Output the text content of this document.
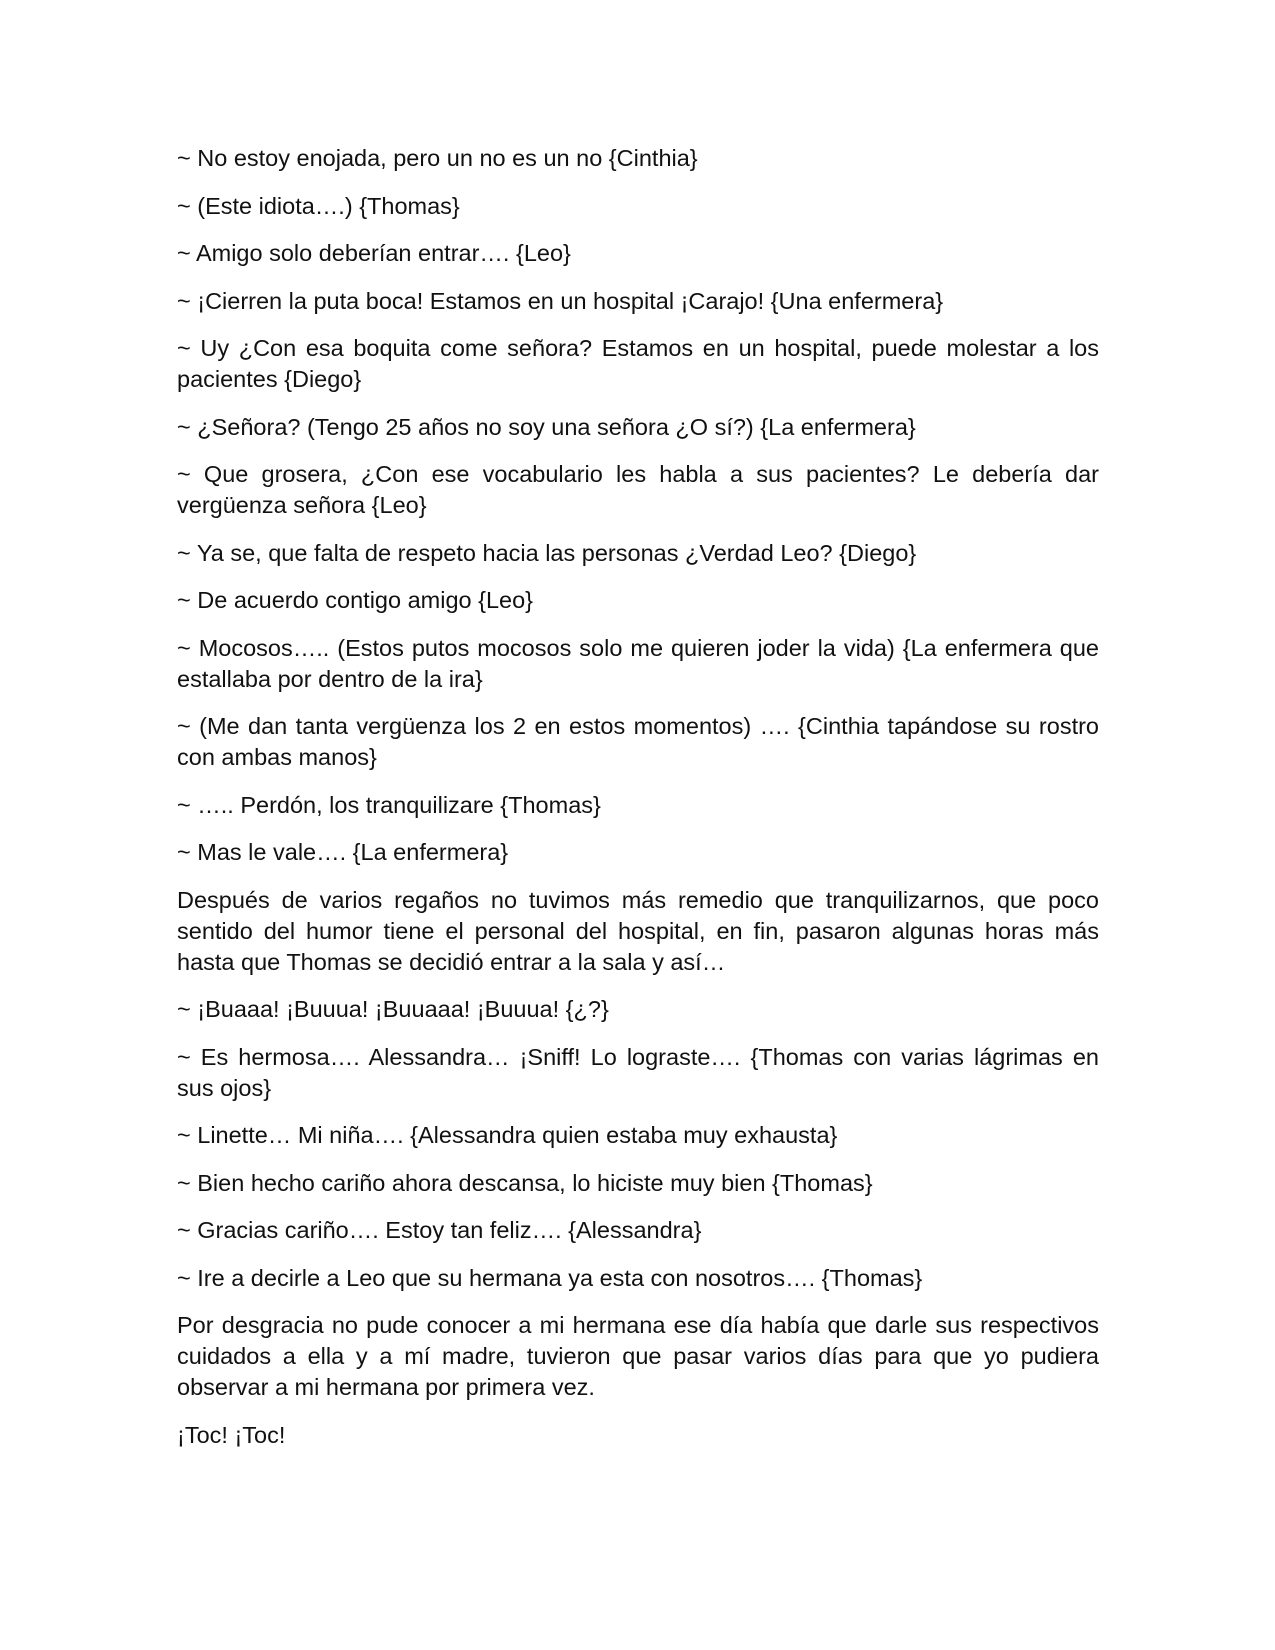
~ No estoy enojada, pero un no es un no {Cinthia}

~ (Este idiota….) {Thomas}

~ Amigo solo deberían entrar…. {Leo}

~ ¡Cierren la puta boca! Estamos en un hospital ¡Carajo! {Una enfermera}

~ Uy ¿Con esa boquita come señora? Estamos en un hospital, puede molestar a los pacientes {Diego}

~ ¿Señora? (Tengo 25 años no soy una señora ¿O sí?) {La enfermera}

~ Que grosera, ¿Con ese vocabulario les habla a sus pacientes? Le debería dar vergüenza señora {Leo}

~ Ya se, que falta de respeto hacia las personas ¿Verdad Leo? {Diego}

~ De acuerdo contigo amigo {Leo}

~ Mocosos….. (Estos putos mocosos solo me quieren joder la vida) {La enfermera que estallaba por dentro de la ira}

~ (Me dan tanta vergüenza los 2 en estos momentos) …. {Cinthia tapándose su rostro con ambas manos}

~ ….. Perdón, los tranquilizare {Thomas}

~ Mas le vale…. {La enfermera}

Después de varios regaños no tuvimos más remedio que tranquilizarnos, que poco sentido del humor tiene el personal del hospital, en fin, pasaron algunas horas más hasta que Thomas se decidió entrar a la sala y así…

~ ¡Buaaa! ¡Buuua! ¡Buuaaa! ¡Buuua! {¿?}

~ Es hermosa…. Alessandra… ¡Sniff! Lo lograste…. {Thomas con varias lágrimas en sus ojos}

~ Linette… Mi niña…. {Alessandra quien estaba muy exhausta}

~ Bien hecho cariño ahora descansa, lo hiciste muy bien {Thomas}

~ Gracias cariño…. Estoy tan feliz…. {Alessandra}

~ Ire a decirle a Leo que su hermana ya esta con nosotros…. {Thomas}

Por desgracia no pude conocer a mi hermana ese día había que darle sus respectivos cuidados a ella y a mí madre, tuvieron que pasar varios días para que yo pudiera observar a mi hermana por primera vez.

¡Toc! ¡Toc!
